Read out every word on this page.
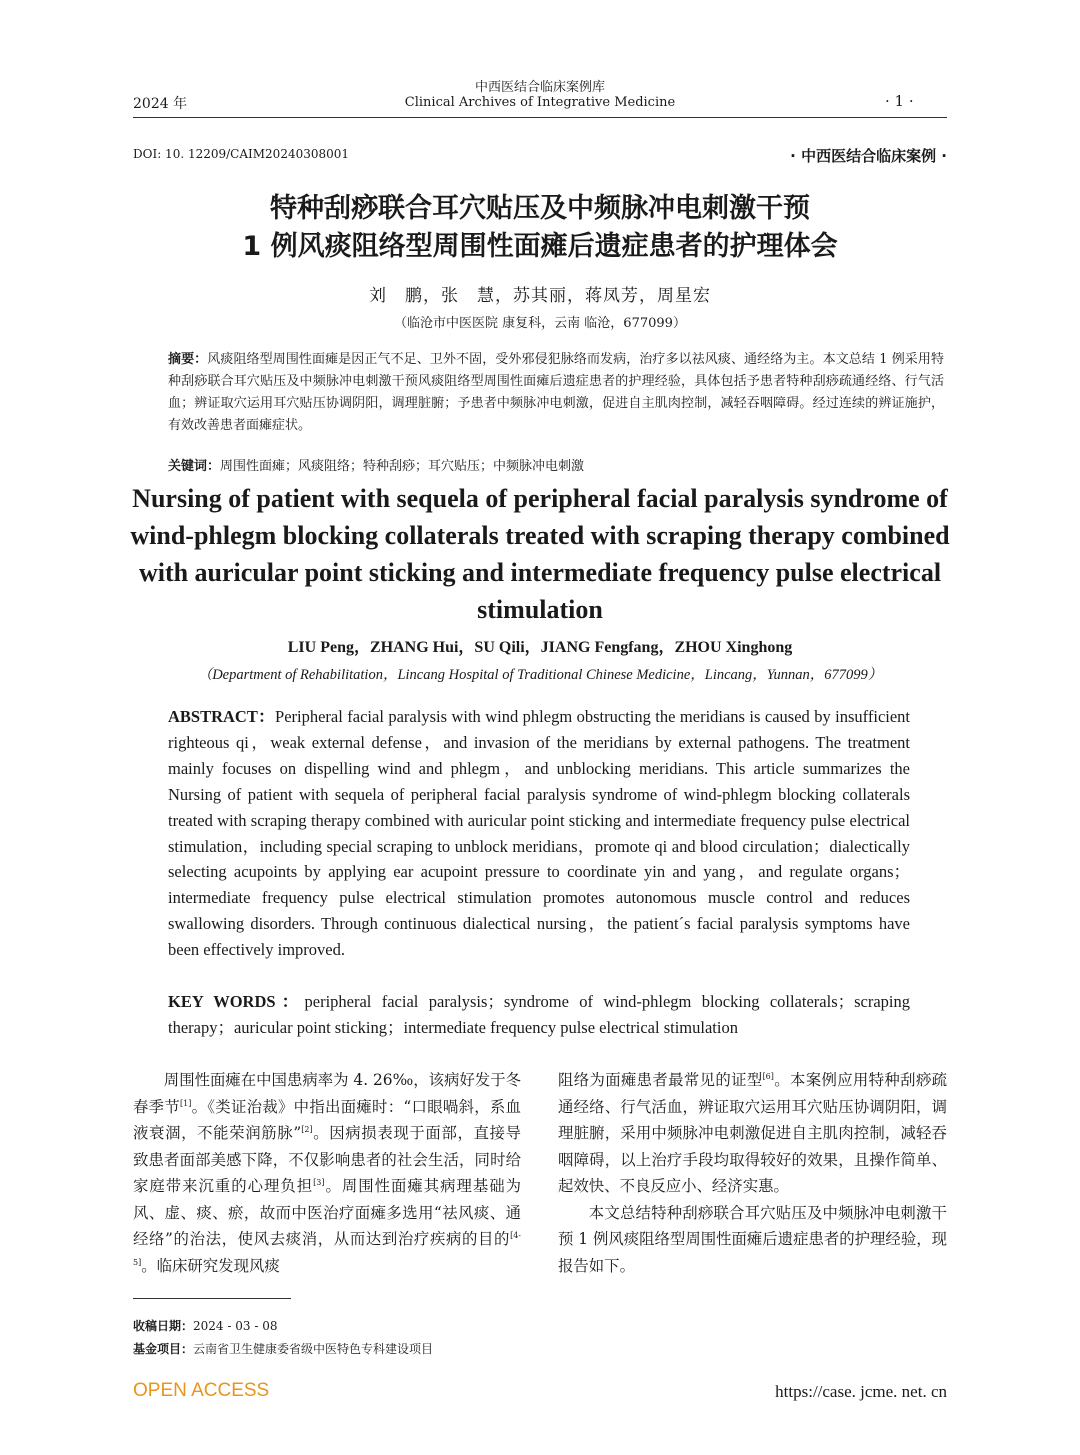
2024 年
中西医结合临床案例库
Clinical Archives of Integrative Medicine	· 1 ·
DOI: 10. 12209/CAIM20240308001	· 中西医结合临床案例 ·
特种刮痧联合耳穴贴压及中频脉冲电刺激干预
1 例风痰阻络型周围性面瘫后遗症患者的护理体会
刘　鹏，张　慧，苏其丽，蒋凤芳，周星宏
（临沧市中医医院 康复科，云南 临沧，677099）
摘要：风痰阻络型周围性面瘫是因正气不足、卫外不固，受外邪侵犯脉络而发病，治疗多以祛风痰、通经络为主。本文总结 1 例采用特种刮痧联合耳穴贴压及中频脉冲电刺激干预风痰阻络型周围性面瘫后遗症患者的护理经验，具体包括予患者特种刮痧疏通经络、行气活血；辨证取穴运用耳穴贴压协调阴阳，调理脏腑；予患者中频脉冲电刺激，促进自主肌肉控制，减轻吞咽障碍。经过连续的辨证施护，有效改善患者面瘫症状。
关键词：周围性面瘫；风痰阻络；特种刮痧；耳穴贴压；中频脉冲电刺激
Nursing of patient with sequela of peripheral facial paralysis syndrome of wind-phlegm blocking collaterals treated with scraping therapy combined with auricular point sticking and intermediate frequency pulse electrical stimulation
LIU Peng，ZHANG Hui，SU Qili，JIANG Fengfang，ZHOU Xinghong
（Department of Rehabilitation，Lincang Hospital of Traditional Chinese Medicine，Lincang，Yunnan，677099）
ABSTRACT：Peripheral facial paralysis with wind phlegm obstructing the meridians is caused by insufficient righteous qi，weak external defense，and invasion of the meridians by external pathogens. The treatment mainly focuses on dispelling wind and phlegm，and unblocking meridians. This article summarizes the Nursing of patient with sequela of peripheral facial paralysis syndrome of wind-phlegm blocking collaterals treated with scraping therapy combined with auricular point sticking and intermediate frequency pulse electrical stimulation，including special scraping to unblock meridians，promote qi and blood circulation；dialectically selecting acupoints by applying ear acupoint pressure to coordinate yin and yang，and regulate organs；intermediate frequency pulse electrical stimulation promotes autonomous muscle control and reduces swallowing disorders. Through continuous dialectical nursing，the patient´s facial paralysis symptoms have been effectively improved.
KEY WORDS：peripheral facial paralysis；syndrome of wind-phlegm blocking collaterals；scraping therapy；auricular point sticking；intermediate frequency pulse electrical stimulation
周围性面瘫在中国患病率为 4. 26‰，该病好发于冬春季节[1]。《类证治裁》中指出面瘫时：“口眼喎斜，系血液衰涸，不能荣润筋脉”[2]。因病损表现于面部，直接导致患者面部美感下降，不仅影响患者的社会生活，同时给家庭带来沉重的心理负担[3]。周围性面瘫其病理基础为风、虚、痰、瘀，故而中医治疗面瘫多选用“祛风痰、通经络”的治法，使风去痰消，从而达到治疗疾病的目的[4-5]。临床研究发现风痰
阻络为面瘫患者最常见的证型[6]。本案例应用特种刮痧疏通经络、行气活血，辨证取穴运用耳穴贴压协调阴阳，调理脏腑，采用中频脉冲电刺激促进自主肌肉控制，减轻吞咽障碍，以上治疗手段均取得较好的效果，且操作简单、起效快、不良反应小、经济实惠。
本文总结特种刮痧联合耳穴贴压及中频脉冲电刺激干预 1 例风痰阻络型周围性面瘫后遗症患者的护理经验，现报告如下。
收稿日期：2024 - 03 - 08
基金项目：云南省卫生健康委省级中医特色专科建设项目
OPEN ACCESS	https://case. jcme. net. cn
